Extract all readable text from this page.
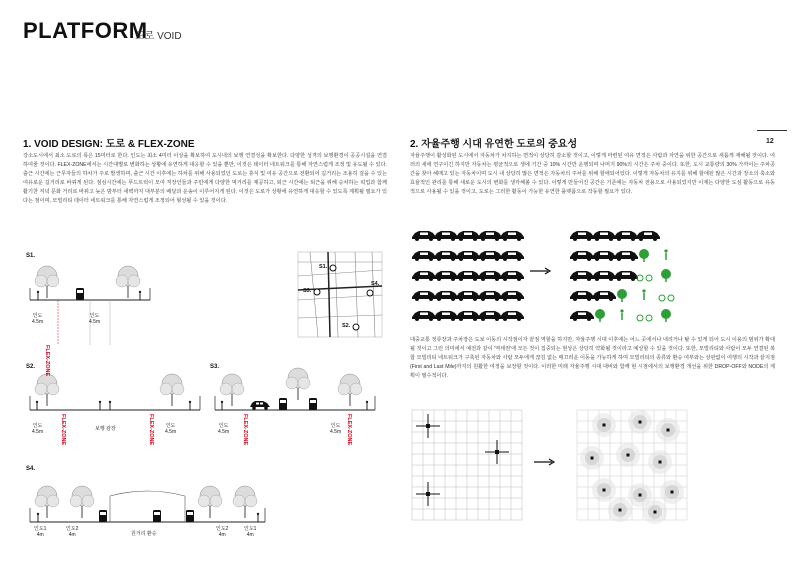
PLATFORM
도로 VOID
12
1. VOID DESIGN: 도로 & FLEX-ZONE
강소도시에서 최소 도로의 폭은 15미터로 한다. 인도는 최소 4미터 이상을 확보하여 도시내의 보행 연결성을 확보한다. 다양한 성격의 보행환경이 공공시설을 연결하여줄 것이다. FLEX-ZONE에서는 시간대별로 변화하는 상황에 유연하게 대응할 수 있을 뿐만, 이것은 데이터 네트워크를 통해 자연스럽게 조정 및 유도될 수 있다. 출근 시간에는 근무자들의 하차가 주로 발생하며, 출근 시간 이후에는 하차를 위해 사용되었던 도로는 휴식 및 여유 공간으로 전환되어 길거리는 조용히 걸을 수 있는 여유로운 길거리로 바뀌게 된다. 점심시간에는 푸드트럭이 모여 직장인들과 주민에게 다양한 먹거리를 제공하고, 퇴근 시간에는 퇴근을 위해 승차하는 픽업과 함께 활기찬 저녁 문화 거리로 바뀌고 늦은 밤부터 새벽까지 대부분의 배달과 운송이 이루어지게 된다. 이것은 도로가 상황에 유연하게 대응할 수 있도록 계획될 필요가 있다는 점이며, 모빌리티 데이터 네트워크를 통해 자연스럽게 조정되어 형성될 수 있을 것이다.
2. 자율주행 시대 유연한 도로의 중요성
자율주행이 활성화된 도시에서 자동차가 차지하는 면적이 상당히 감소할 것이고, 이렇게 마련된 여유 면적은 사람과 자연을 위한 공간으로 새롭게 재해될 것이다. 여러의 새에 연구이긴 하지만 자동차는 평균적으로 생에 기간 중 10% 시간만 운행되며 나머지 90%의 시간은 주차 중이다. 또한, 도시 교통량의 30% 가까이는 주차공간을 찾아 헤매고 있는 자동차이며 도시 내 상당히 많은 면적은 자동차의 주차를 위해 할애되어있다. 이렇게 자동차의 유지를 위해 할애된 많은 시간과 장소의 축소와 효율적인 관리를 통해 새로운 도시의 변화를 생각해볼 수 있다. 이렇게 만들어진 공간은 기존에는 자동차 전용으로 사용되었지만 이제는 다양한 도심 활동으로 유동적으로 사용될 수 있을 것이고, 도로는 그러한 활동이 가능한 유연한 플랫폼으로 작동할 필요가 있다.
대중교통 정류장과 주차장은 도보 이동의 시작점이자 끝점 역할을 하지만, 자율주행 시대 이후에는 어느 곳에서나 내리거나 탈 수 있게 되어 도시 이용의 범위가 확대될 것이고 그런 의미에서 예전과 같이 '역세권'에 모든 것이 집중되는 현상은 상당히 약화될 것이라고 예상할 수 있을 것이다. 또한, 모빌리티와 사람이 모두 연결된 복합 모빌리티 네트워크가 구축된 자동차와 사람 모두에게 끊김 없는 매끄러운 이동을 가능하게 하며 모빌리티의 종류와 환승 여부와는 상관없이 여행의 시작과 끝지점(First and Last Mile)까지의 원활한 여정을 보장할 것이다. 이러한 미래 자율주행 시대 대비와 함께 현 시점에서의 보행환경 개선을 위한 DROP-OFF와 NODE의 계획이 필수적이다.
S1.
S2.	S3.
S4.
S1.
S3.
S4.
S2.
인도
4.5m
인도
4.5m
FLEX-ZONE
인도
4.5m	보행 광장	인도
4.5m
FLEX-ZONE	FLEX-ZONE	인도
4.5m
인도
4.5m
FLEX-ZONE	FLEX-ZONE
인도1
4m
인도2
4m	원거리 환승
인도2
4m
인도1
4m
